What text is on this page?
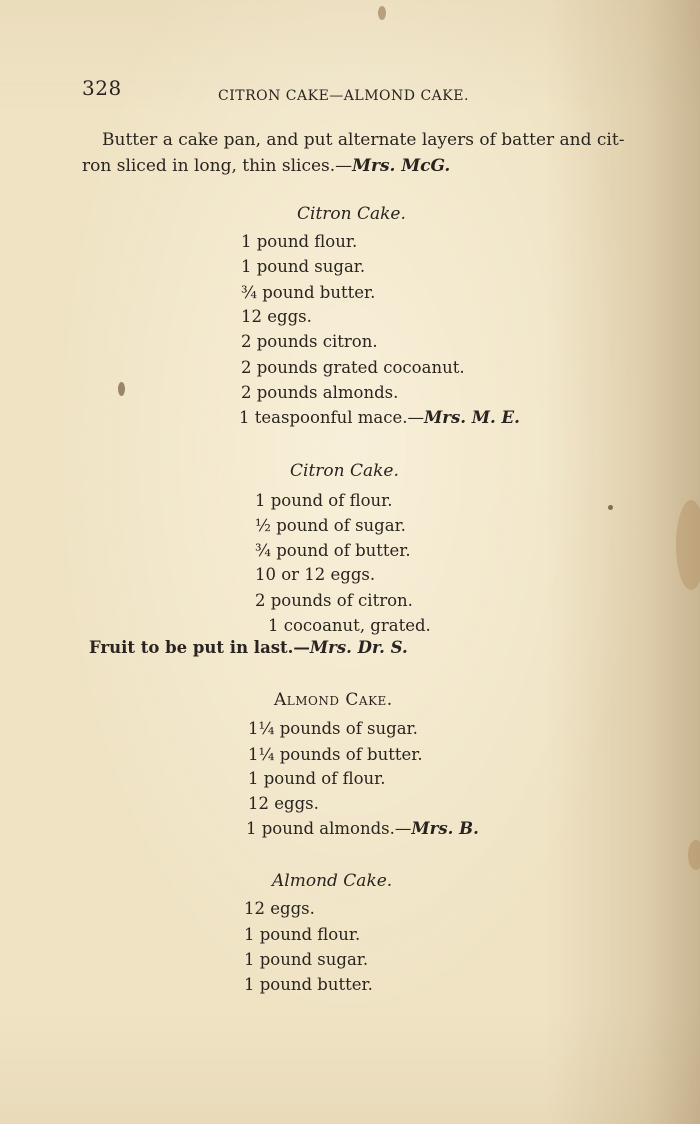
328	CITRON CAKE—ALMOND CAKE.
Butter a cake pan, and put alternate layers of batter and cit-
ron sliced in long, thin slices.—Mrs. McG.
Citron Cake.
1 pound flour.
1 pound sugar.
¾ pound butter.
12 eggs.
2 pounds citron.
2 pounds grated cocoanut.
2 pounds almonds.
1 teaspoonful mace.—Mrs. M. E.
Citron Cake.
1 pound of flour.
½ pound of sugar.
¾ pound of butter.
10 or 12 eggs.
2 pounds of citron.
1 cocoanut, grated.
Fruit to be put in last.—Mrs. Dr. S.
Almond Cake.
1¼ pounds of sugar.
1¼ pounds of butter.
1 pound of flour.
12 eggs.
1 pound almonds.—Mrs. B.
Almond Cake.
12 eggs.
1 pound flour.
1 pound sugar.
1 pound butter.
